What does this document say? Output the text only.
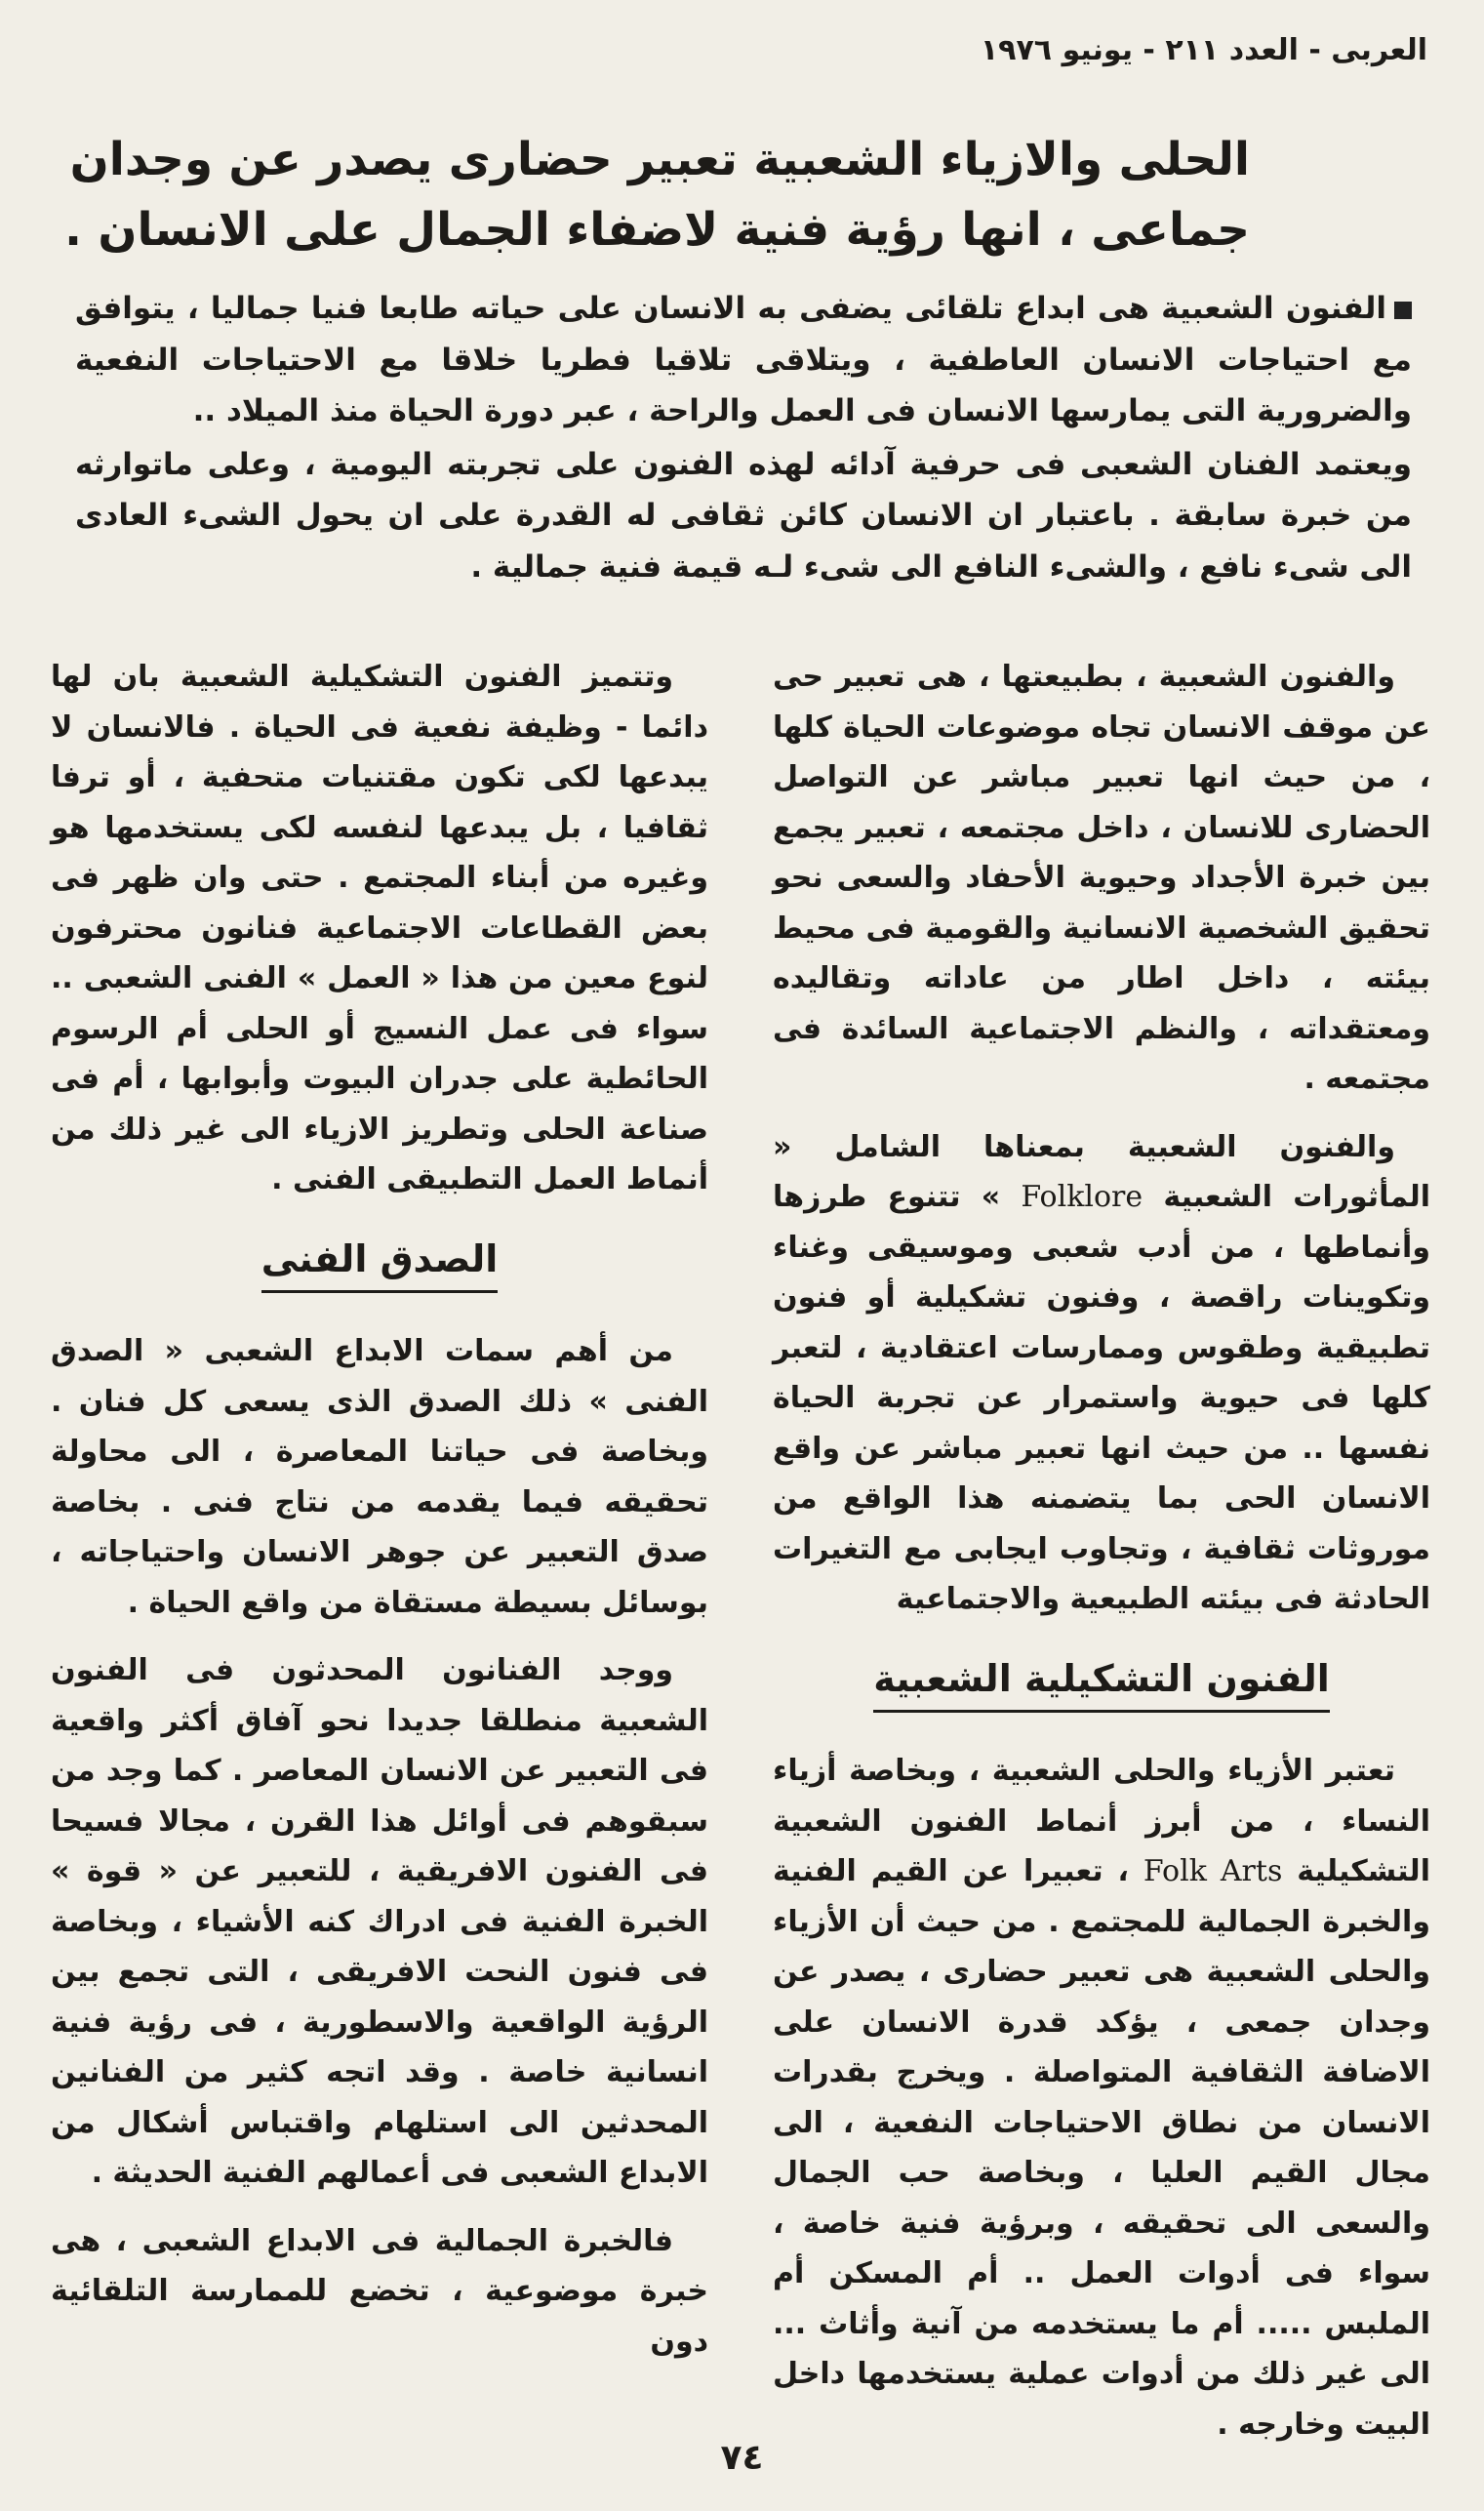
العربى - العدد ٢١١ - يونيو ١٩٧٦
الحلى والازياء الشعبية تعبير حضارى يصدر عن وجدان
جماعى ، انها رؤية فنية لاضفاء الجمال على الانسان .

الفنون الشعبية هى ابداع تلقائى يضفى به الانسان على حياته طابعا فنيا جماليا ، يتوافق مع احتياجات الانسان العاطفية ، ويتلاقى تلاقيا فطريا خلاقا مع الاحتياجات النفعية والضرورية التى يمارسها الانسان فى العمل والراحة ، عبر دورة الحياة منذ الميلاد ..

ويعتمد الفنان الشعبى فى حرفية آدائه لهذه الفنون على تجربته اليومية ، وعلى ماتوارثه من خبرة سابقة . باعتبار ان الانسان كائن ثقافى له القدرة على ان يحول الشىء العادى الى شىء نافع ، والشىء النافع الى شىء لـه قيمة فنية جمالية .

والفنون الشعبية ، بطبيعتها ، هى تعبير حى عن موقف الانسان تجاه موضوعات الحياة كلها ، من حيث انها تعبير مباشر عن التواصل الحضارى للانسان ، داخل مجتمعه ، تعبير يجمع بين خبرة الأجداد وحيوية الأحفاد والسعى نحو تحقيق الشخصية الانسانية والقومية فى محيط بيئته ، داخل اطار من عاداته وتقاليده ومعتقداته ، والنظم الاجتماعية السائدة فى مجتمعه .

والفنون الشعبية بمعناها الشامل « المأثورات الشعبية Folklore » تتنوع طرزها وأنماطها ، من أدب شعبى وموسيقى وغناء وتكوينات راقصة ، وفنون تشكيلية أو فنون تطبيقية وطقوس وممارسات اعتقادية ، لتعبر كلها فى حيوية واستمرار عن تجربة الحياة نفسها .. من حيث انها تعبير مباشر عن واقع الانسان الحى بما يتضمنه هذا الواقع من موروثات ثقافية ، وتجاوب ايجابى مع التغيرات الحادثة فى بيئته الطبيعية والاجتماعية

الفنون التشكيلية الشعبية

تعتبر الأزياء والحلى الشعبية ، وبخاصة أزياء النساء ، من أبرز أنماط الفنون الشعبية التشكيلية Folk Arts ، تعبيرا عن القيم الفنية والخبرة الجمالية للمجتمع . من حيث أن الأزياء والحلى الشعبية هى تعبير حضارى ، يصدر عن وجدان جمعى ، يؤكد قدرة الانسان على الاضافة الثقافية المتواصلة . ويخرج بقدرات الانسان من نطاق الاحتياجات النفعية ، الى مجال القيم العليا ، وبخاصة حب الجمال والسعى الى تحقيقه ، وبرؤية فنية خاصة ، سواء فى أدوات العمل .. أم المسكن أم الملبس ..... أم ما يستخدمه من آنية وأثاث ... الى غير ذلك من أدوات عملية يستخدمها داخل البيت وخارجه .

وتتميز الفنون التشكيلية الشعبية بان لها دائما - وظيفة نفعية فى الحياة . فالانسان لا يبدعها لكى تكون مقتنيات متحفية ، أو ترفا ثقافيا ، بل يبدعها لنفسه لكى يستخدمها هو وغيره من أبناء المجتمع . حتى وان ظهر فى بعض القطاعات الاجتماعية فنانون محترفون لنوع معين من هذا « العمل » الفنى الشعبى .. سواء فى عمل النسيج أو الحلى أم الرسوم الحائطية على جدران البيوت وأبوابها ، أم فى صناعة الحلى وتطريز الازياء الى غير ذلك من أنماط العمل التطبيقى الفنى .

الصدق الفنى

من أهم سمات الابداع الشعبى « الصدق الفنى » ذلك الصدق الذى يسعى كل فنان . وبخاصة فى حياتنا المعاصرة ، الى محاولة تحقيقه فيما يقدمه من نتاج فنى . بخاصة صدق التعبير عن جوهر الانسان واحتياجاته ، بوسائل بسيطة مستقاة من واقع الحياة .

ووجد الفنانون المحدثون فى الفنون الشعبية منطلقا جديدا نحو آفاق أكثر واقعية فى التعبير عن الانسان المعاصر . كما وجد من سبقوهم فى أوائل هذا القرن ، مجالا فسيحا فى الفنون الافريقية ، للتعبير عن « قوة » الخبرة الفنية فى ادراك كنه الأشياء ، وبخاصة فى فنون النحت الافريقى ، التى تجمع بين الرؤية الواقعية والاسطورية ، فى رؤية فنية انسانية خاصة . وقد اتجه كثير من الفنانين المحدثين الى استلهام واقتباس أشكال من الابداع الشعبى فى أعمالهم الفنية الحديثة .

فالخبرة الجمالية فى الابداع الشعبى ، هى خبرة موضوعية ، تخضع للممارسة التلقائية دون

٧٤
